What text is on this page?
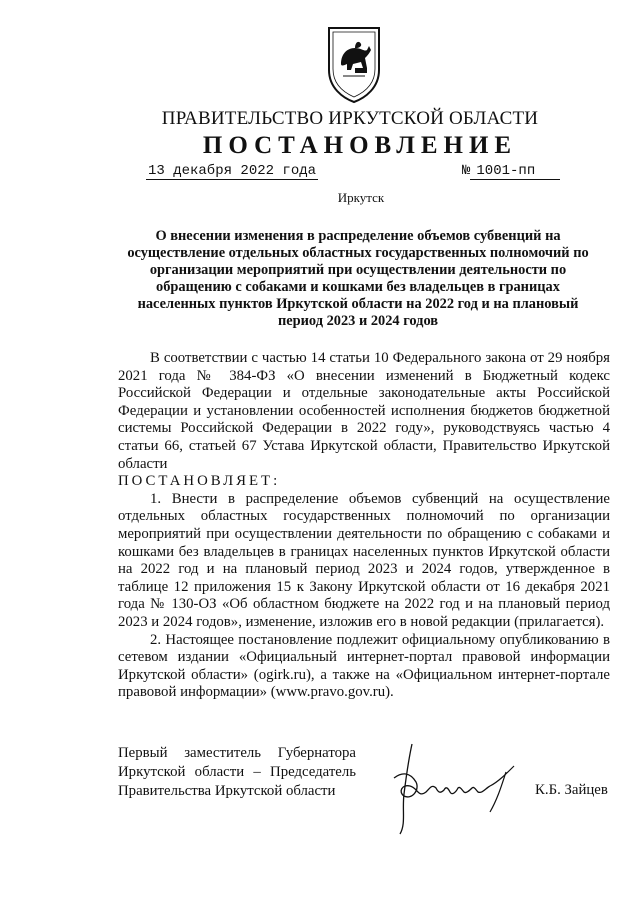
ПРАВИТЕЛЬСТВО ИРКУТСКОЙ ОБЛАСТИ
ПОСТАНОВЛЕНИЕ
13 декабря 2022 года	№ 1001-пп
Иркутск
О внесении изменения в распределение объемов субвенций на осуществление отдельных областных государственных полномочий по организации мероприятий при осуществлении деятельности по обращению с собаками и кошками без владельцев в границах населенных пунктов Иркутской области на 2022 год и на плановый период 2023 и 2024 годов

В соответствии с частью 14 статьи 10 Федерального закона от 29 ноября 2021 года № 384-ФЗ «О внесении изменений в Бюджетный кодекс Российской Федерации и отдельные законодательные акты Российской Федерации и установлении особенностей исполнения бюджетов бюджетной системы Российской Федерации в 2022 году», руководствуясь частью 4 статьи 66, статьей 67 Устава Иркутской области, Правительство Иркутской области

ПОСТАНОВЛЯЕТ:

1. Внести в распределение объемов субвенций на осуществление отдельных областных государственных полномочий по организации мероприятий при осуществлении деятельности по обращению с собаками и кошками без владельцев в границах населенных пунктов Иркутской области на 2022 год и на плановый период 2023 и 2024 годов, утвержденное в таблице 12 приложения 15 к Закону Иркутской области от 16 декабря 2021 года № 130-ОЗ «Об областном бюджете на 2022 год и на плановый период 2023 и 2024 годов», изменение, изложив его в новой редакции (прилагается).

2. Настоящее постановление подлежит официальному опубликованию в сетевом издании «Официальный интернет-портал правовой информации Иркутской области» (ogirk.ru), а также на «Официальном интернет-портале правовой информации» (www.pravo.gov.ru).

Первый заместитель Губернатора
Иркутской области – Председатель
Правительства Иркутской области	К.Б. Зайцев
